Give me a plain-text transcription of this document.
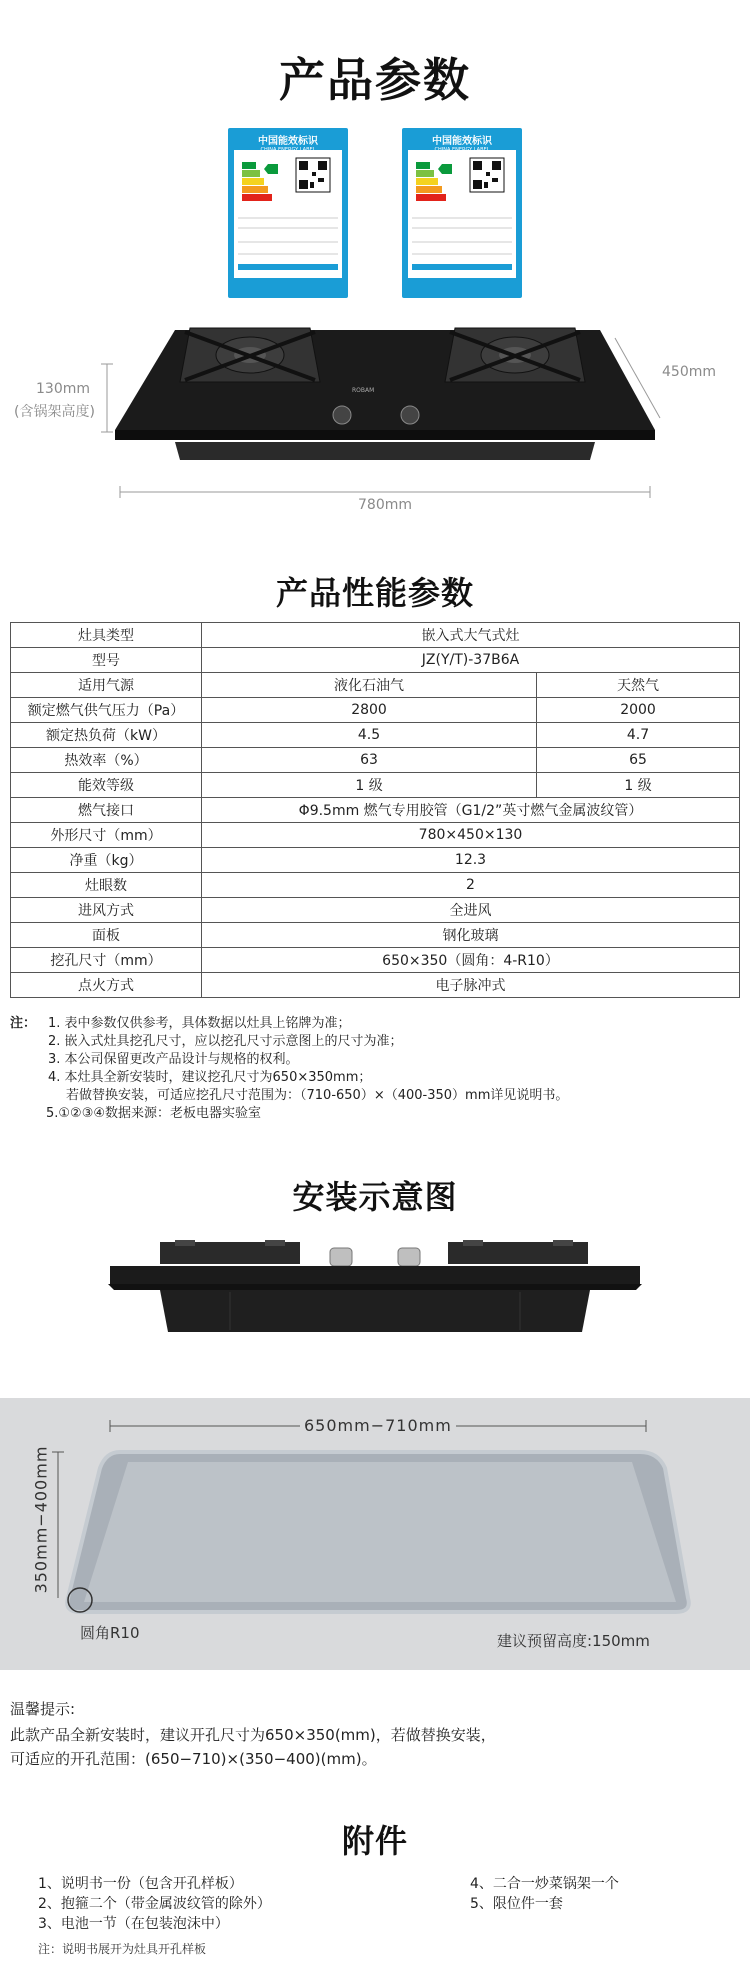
产品参数
中国能效标识	中国能效标识
ROBAM
130mm
(含锅架高度)
450mm
780mm
产品性能参数
灶具类型	嵌入式大气式灶	
型号	JZ(Y/T)-37B6A	
适用气源	液化石油气	天然气
额定燃气供气压力（Pa）	2800	2000
额定热负荷（kW）	4.5	4.7
热效率（%）	63	65
能效等级	1 级	1 级
燃气接口	Φ9.5mm 燃气专用胶管（G1/2”英寸燃气金属波纹管）	
外形尺寸（mm）	780×450×130	
净重（kg）	12.3	
灶眼数	2	
进风方式	全进风	
面板	钢化玻璃	
挖孔尺寸（mm）	650×350（圆角：4-R10）	
点火方式	电子脉冲式	
注： 1. 表中参数仅供参考，具体数据以灶具上铭牌为准；
2. 嵌入式灶具挖孔尺寸，应以挖孔尺寸示意图上的尺寸为准；
3. 本公司保留更改产品设计与规格的权利。
4. 本灶具全新安装时，建议挖孔尺寸为650×350mm；
若做替换安装，可适应挖孔尺寸范围为：（710-650）×（400-350）mm详见说明书。
5.①②③④数据来源：老板电器实验室
安装示意图
650mm−710mm
350mm−400mm
圆角R10	建议预留高度:150mm
温馨提示:
此款产品全新安装时，建议开孔尺寸为650×350(mm)，若做替换安装，
可适应的开孔范围：(650−710)×(350−400)(mm)。
附件
1、说明书一份（包含开孔样板）
2、抱箍二个（带金属波纹管的除外）
3、电池一节（在包装泡沫中）
4、二合一炒菜锅架一个
5、限位件一套
注：说明书展开为灶具开孔样板
